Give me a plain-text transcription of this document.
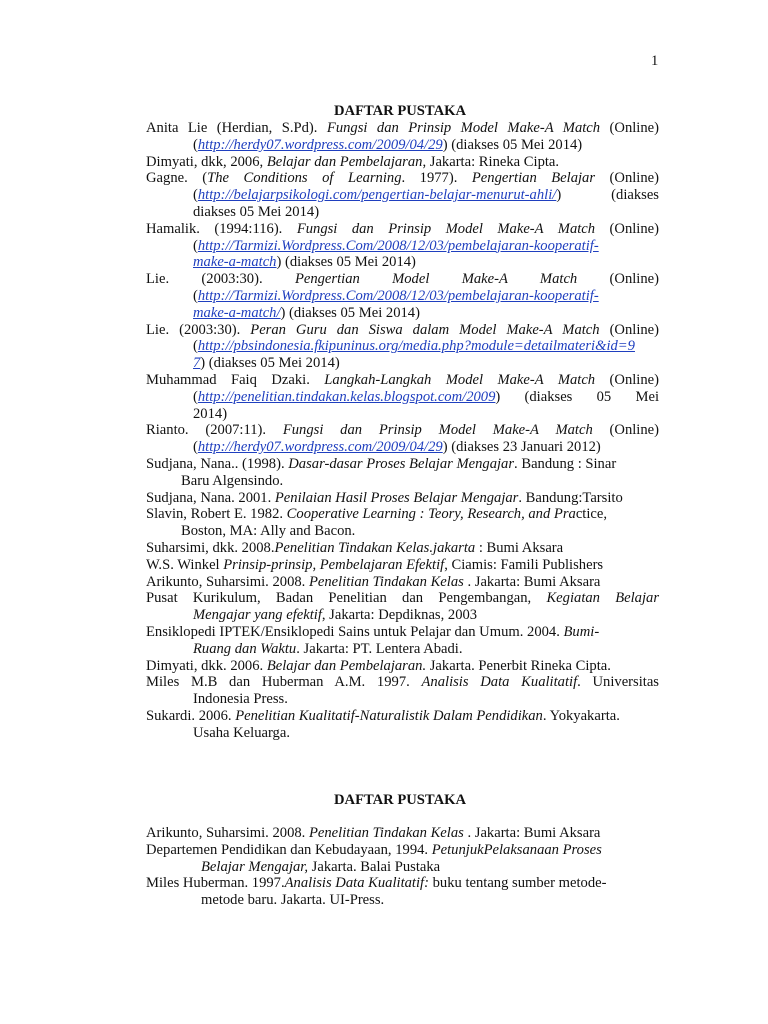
1
DAFTAR PUSTAKA
Anita Lie (Herdian, S.Pd). Fungsi dan Prinsip Model Make-A Match (Online)
(http://herdy07.wordpress.com/2009/04/29) (diakses 05 Mei 2014)
Dimyati, dkk, 2006, Belajar dan Pembelajaran, Jakarta: Rineka Cipta.
Gagne. (The Conditions of Learning. 1977). Pengertian Belajar (Online)
(http://belajarpsikologi.com/pengertian-belajar-menurut-ahli/) (diakses
diakses 05 Mei 2014)
Hamalik. (1994:116). Fungsi dan Prinsip Model Make-A Match (Online)
(http://Tarmizi.Wordpress.Com/2008/12/03/pembelajaran-kooperatif-
make-a-match) (diakses 05 Mei 2014)
Lie. (2003:30). Pengertian Model Make-A Match (Online)
(http://Tarmizi.Wordpress.Com/2008/12/03/pembelajaran-kooperatif-
make-a-match/) (diakses 05 Mei 2014)
Lie. (2003:30). Peran Guru dan Siswa dalam Model Make-A Match (Online)
(http://pbsindonesia.fkipuninus.org/media.php?module=detailmateri&id=9
7) (diakses 05 Mei 2014)
Muhammad Faiq Dzaki. Langkah-Langkah Model Make-A Match (Online)
(http://penelitian.tindakan.kelas.blogspot.com/2009) (diakses 05 Mei
2014)
Rianto. (2007:11). Fungsi dan Prinsip Model Make-A Match (Online)
(http://herdy07.wordpress.com/2009/04/29) (diakses 23 Januari 2012)
Sudjana, Nana.. (1998). Dasar-dasar Proses Belajar Mengajar. Bandung : Sinar
Baru Algensindo.
Sudjana, Nana. 2001. Penilaian Hasil Proses Belajar Mengajar. Bandung:Tarsito
Slavin, Robert E. 1982. Cooperative Learning : Teory, Research, and Practice,
Boston, MA: Ally and Bacon.
Suharsimi, dkk. 2008.Penelitian Tindakan Kelas.jakarta : Bumi Aksara
W.S. Winkel Prinsip-prinsip, Pembelajaran Efektif, Ciamis: Famili Publishers
Arikunto, Suharsimi. 2008. Penelitian Tindakan Kelas . Jakarta: Bumi Aksara
Pusat Kurikulum, Badan Penelitian dan Pengembangan, Kegiatan Belajar
Mengajar yang efektif, Jakarta: Depdiknas, 2003
Ensiklopedi IPTEK/Ensiklopedi Sains untuk Pelajar dan Umum. 2004. Bumi-
Ruang dan Waktu. Jakarta: PT. Lentera Abadi.
Dimyati, dkk. 2006. Belajar dan Pembelajaran. Jakarta. Penerbit Rineka Cipta.
Miles M.B dan Huberman A.M. 1997. Analisis Data Kualitatif. Universitas
Indonesia Press.
Sukardi. 2006. Penelitian Kualitatif-Naturalistik Dalam Pendidikan. Yokyakarta.
Usaha Keluarga.
DAFTAR PUSTAKA
Arikunto, Suharsimi. 2008. Penelitian Tindakan Kelas . Jakarta: Bumi Aksara
Departemen Pendidikan dan Kebudayaan, 1994. PetunjukPelaksanaan Proses
Belajar Mengajar, Jakarta. Balai Pustaka
Miles Huberman. 1997.Analisis Data Kualitatif: buku tentang sumber metode-
metode baru. Jakarta. UI-Press.
